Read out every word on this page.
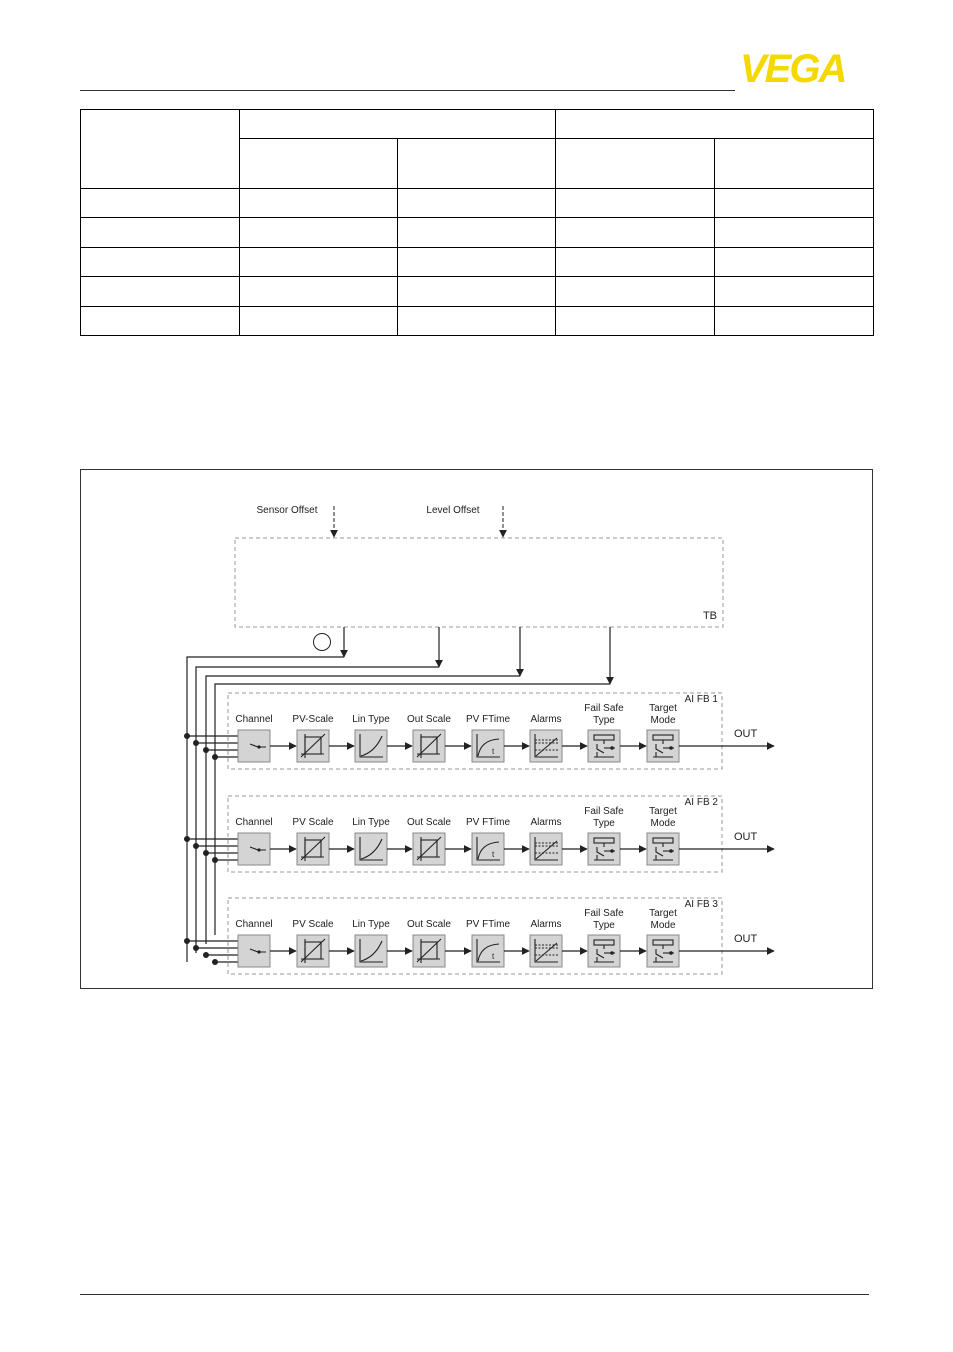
VEGA

Sensor Offset	Level Offset
TB
AI FB 1
Channel PV-Scale Lin Type Out Scale PV FTime
t
Alarms
Fail Safe
Type
Target
Mode
OUT
AI FB 2
Channel PV Scale Lin Type Out Scale PV FTime
t
Alarms
Fail Safe
Type
Target
Mode
OUT
AI FB 3
Channel PV Scale Lin Type Out Scale PV FTime
t
Alarms
Fail Safe
Type
Target
Mode
OUT
